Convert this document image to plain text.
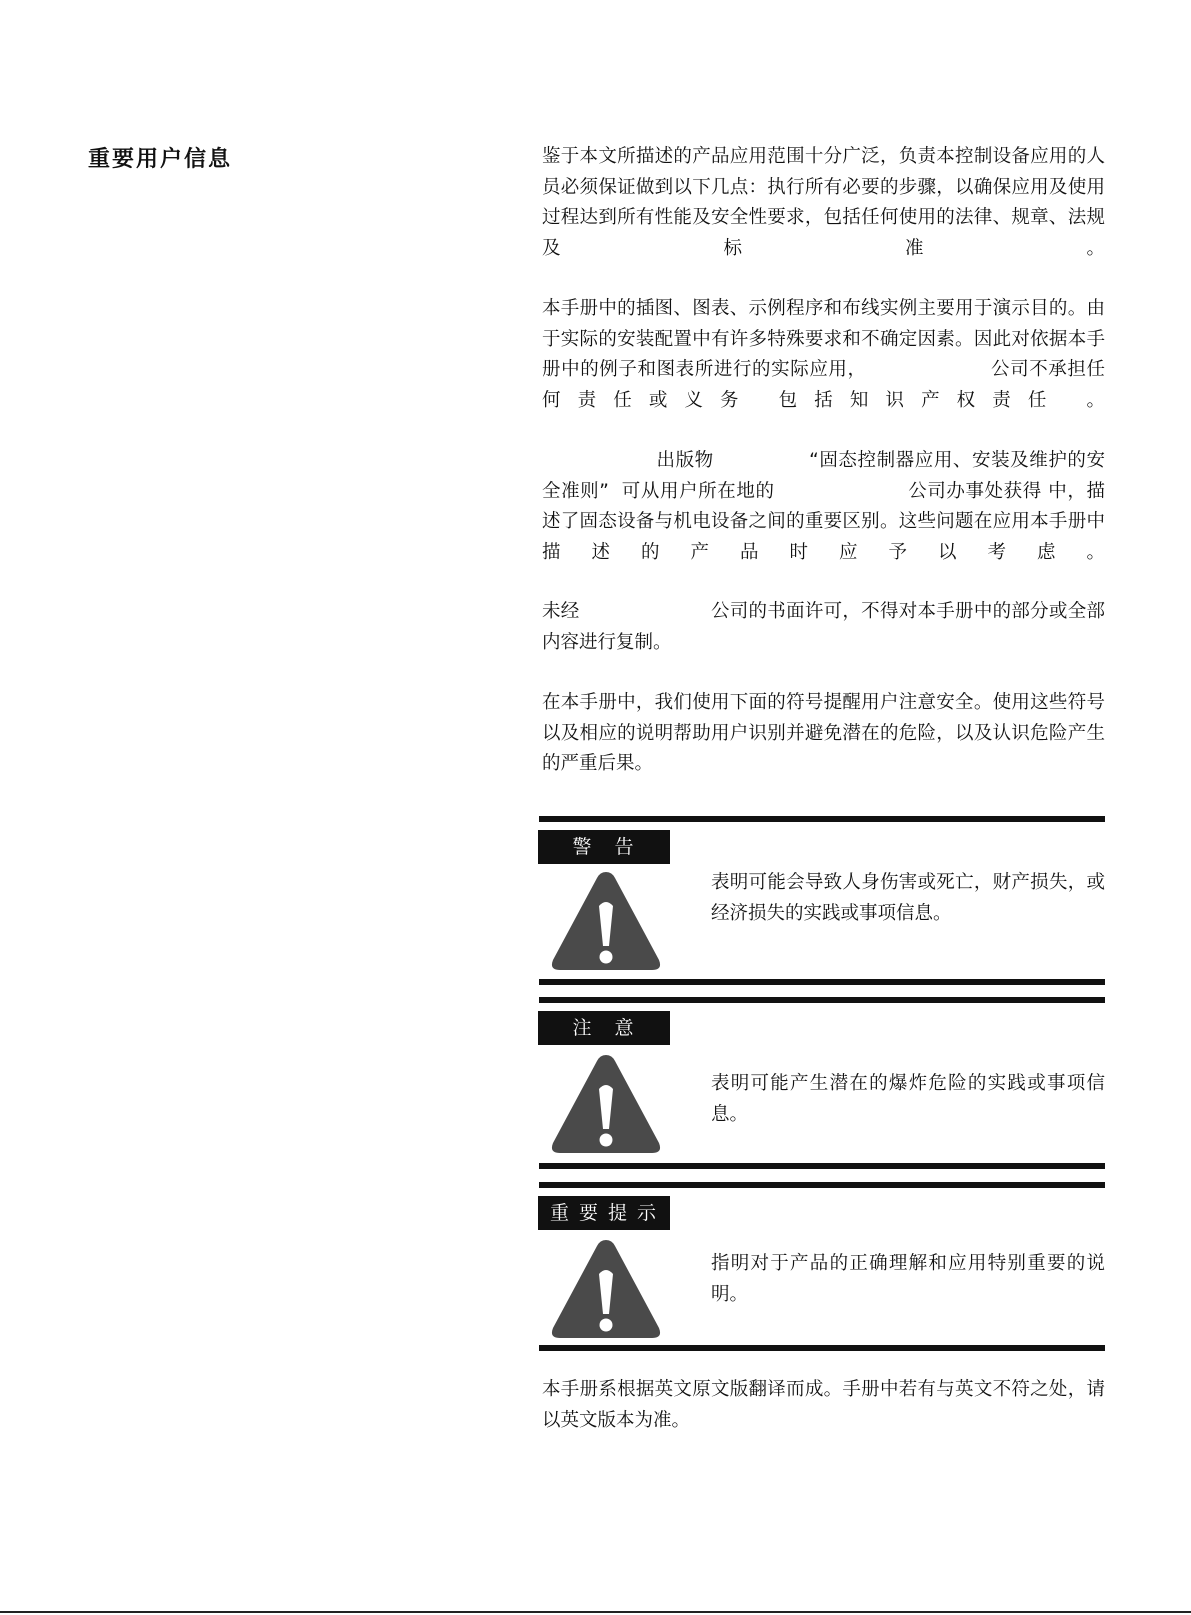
重要用户信息	鉴于本文所描述的产品应用范围十分广泛，负责本控制设备应用的人员必须保证做到以下几点：执行所有必要的步骤，以确保应用及使用过程达到所有性能及安全性要求，包括任何使用的法律、规章、法规及标准。
本手册中的插图、图表、示例程序和布线实例主要用于演示目的。由于实际的安装配置中有许多特殊要求和不确定因素。因此对依据本手册中的例子和图表所进行的实际应用，　　　　　　　公司不承担任何责任或义务 包括知识产权责任 。
　　　　　　出版物　　　　　“固态控制器应用、安装及维护的安全准则”  可从用户所在地的　　　　　　　公司办事处获得 中，描述了固态设备与机电设备之间的重要区别。这些问题在应用本手册中描述的产品时应予以考虑。
未经　　　　　　　公司的书面许可，不得对本手册中的部分或全部内容进行复制。
在本手册中，我们使用下面的符号提醒用户注意安全。使用这些符号以及相应的说明帮助用户识别并避免潜在的危险，以及认识危险产生的严重后果。
警　告
表明可能会导致人身伤害或死亡，财产损失，或经济损失的实践或事项信息。
注　意
表明可能产生潜在的爆炸危险的实践或事项信息。
重 要 提 示
指明对于产品的正确理解和应用特别重要的说明。
本手册系根据英文原文版翻译而成。手册中若有与英文不符之处，请以英文版本为准。
